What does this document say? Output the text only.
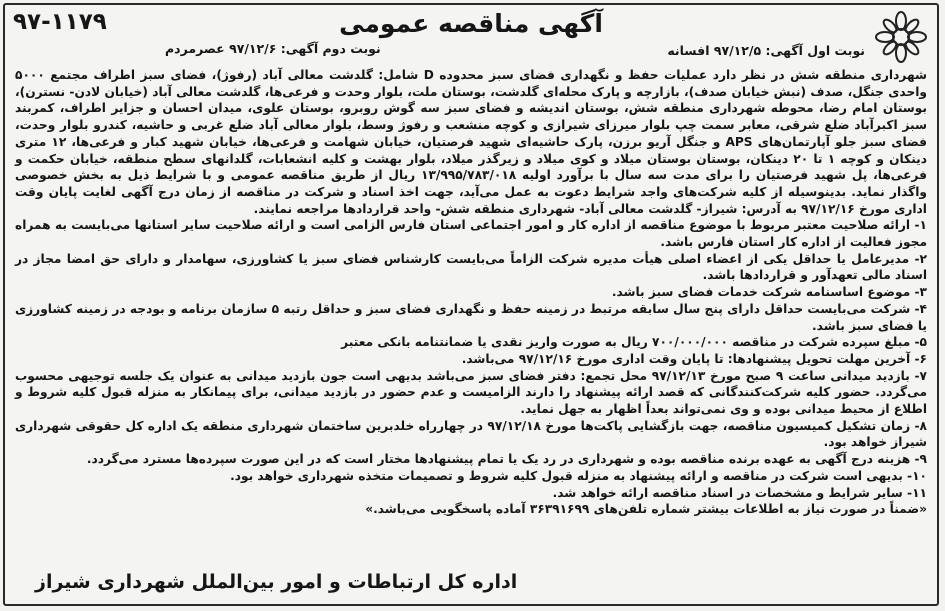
آگهی مناقصه عمومی
۹۷-۱۱۷۹
نوبت اول آگهی: ۹۷/۱۲/۵ افسانه
نوبت دوم آگهی: ۹۷/۱۲/۶ عصرمردم

شهرداری منطقه شش در نظر دارد عملیات حفظ و نگهداری فضای سبز محدوده D شامل: گلدشت معالی آباد (رفوژ)، فضای سبز اطراف مجتمع ۵۰۰۰ واحدی جنگل، صدف (نبش خیابان صدف)، بازارچه و پارک محله‌ای گلدشت، بوستان ملت، بلوار وحدت و فرعی‌ها، گلدشت معالی آباد (خیابان لادن- نسترن)، بوستان امام رضا، محوطه شهرداری منطقه شش، بوستان اندیشه و فضای سبز سه گوش روبرو، بوستان علوی، میدان احسان و جزایر اطراف، کمربند سبز اکبرآباد ضلع شرقی، معابر سمت چپ بلوار میرزای شیرازی و کوچه منشعب و رفوژ وسط، بلوار معالی آباد ضلع غربی و حاشیه، کندرو بلوار وحدت، فضای سبز جلو آپارتمان‌های APS و جنگل آریو برزن، پارک حاشیه‌ای شهید فرصتیان، خیابان شهامت و فرعی‌ها، خیابان شهید کبار و فرعی‌ها، ۱۲ متری دینکان و کوچه ۱ تا ۲۰ دینکان، بوستان بوستان میلاد و کوی میلاد و زیرگذر میلاد، بلوار بهشت و کلیه انشعابات، گلدانهای سطح منطقه، خیابان حکمت و فرعی‌ها، پل شهید فرصتیان را برای مدت سه سال با برآورد اولیه ۱۳/۹۹۵/۷۸۳/۰۱۸ ریال از طریق مناقصه عمومی و با شرایط ذیل به بخش خصوصی واگذار نماید. بدینوسیله از کلیه شرکت‌های واجد شرایط دعوت به عمل می‌آید، جهت اخذ اسناد و شرکت در مناقصه از زمان درج آگهی لغایت پایان وقت اداری مورخ ۹۷/۱۲/۱۶ به آدرس: شیراز- گلدشت معالی آباد- شهرداری منطقه شش- واحد قراردادها مراجعه نمایند.

۱- ارائه صلاحیت معتبر مربوط با موضوع مناقصه از اداره کار و امور اجتماعی استان فارس الزامی است و ارائه صلاحیت سایر استانها می‌بایست به همراه مجوز فعالیت از اداره کار استان فارس باشد.

۲- مدیرعامل یا حداقل یکی از اعضاء اصلی هیأت مدیره شرکت الزاماً می‌بایست کارشناس فضای سبز یا کشاورزی، سهامدار و دارای حق امضا مجاز در اسناد مالی تعهدآور و قراردادها باشد.

۳- موضوع اساسنامه شرکت خدمات فضای سبز باشد.

۴- شرکت می‌بایست حداقل دارای پنج سال سابقه مرتبط در زمینه حفظ و نگهداری فضای سبز و حداقل رتبه ۵ سازمان برنامه و بودجه در زمینه کشاورزی یا فضای سبز باشد.

۵- مبلغ سپرده شرکت در مناقصه ۷۰۰/۰۰۰/۰۰۰ ریال به صورت واریز نقدی یا ضمانتنامه بانکی معتبر

۶- آخرین مهلت تحویل پیشنهادها: تا پایان وقت اداری مورخ ۹۷/۱۲/۱۶ می‌باشد.

۷- بازدید میدانی ساعت ۹ صبح مورخ ۹۷/۱۲/۱۳ محل تجمع: دفتر فضای سبز می‌باشد بدیهی است جون بازدید میدانی به عنوان یک جلسه توجیهی محسوب می‌گردد. حضور کلیه شرکت‌کنندگانی که قصد ارائه پیشنهاد را دارند الزامیست و عدم حضور در بازدید میدانی، برای پیمانکار به منزله قبول کلیه شروط و اطلاع از محیط میدانی بوده و وی نمی‌تواند بعداً اظهار به جهل نماید.

۸- زمان تشکیل کمیسیون مناقصه، جهت بازگشایی پاکت‌ها مورخ ۹۷/۱۲/۱۸ در چهارراه خلدبرین ساختمان شهرداری منطقه یک اداره کل حقوقی شهرداری شیراز خواهد بود.

۹- هزینه درج آگهی به عهده برنده مناقصه بوده و شهرداری در رد یک یا تمام پیشنهادها مختار است که در این صورت سپرده‌ها مسترد می‌گردد.

۱۰- بدیهی است شرکت در مناقصه و ارائه پیشنهاد به منزله قبول کلیه شروط و تصمیمات متخذه شهرداری خواهد بود.

۱۱- سایر شرایط و مشخصات در اسناد مناقصه ارائه خواهد شد.

«ضمناً در صورت نیاز به اطلاعات بیشتر شماره تلفن‌های ۳۶۳۹۱۶۹۹ آماده پاسخگویی می‌باشد.»

اداره کل ارتباطات و امور بین‌الملل شهرداری شیراز
